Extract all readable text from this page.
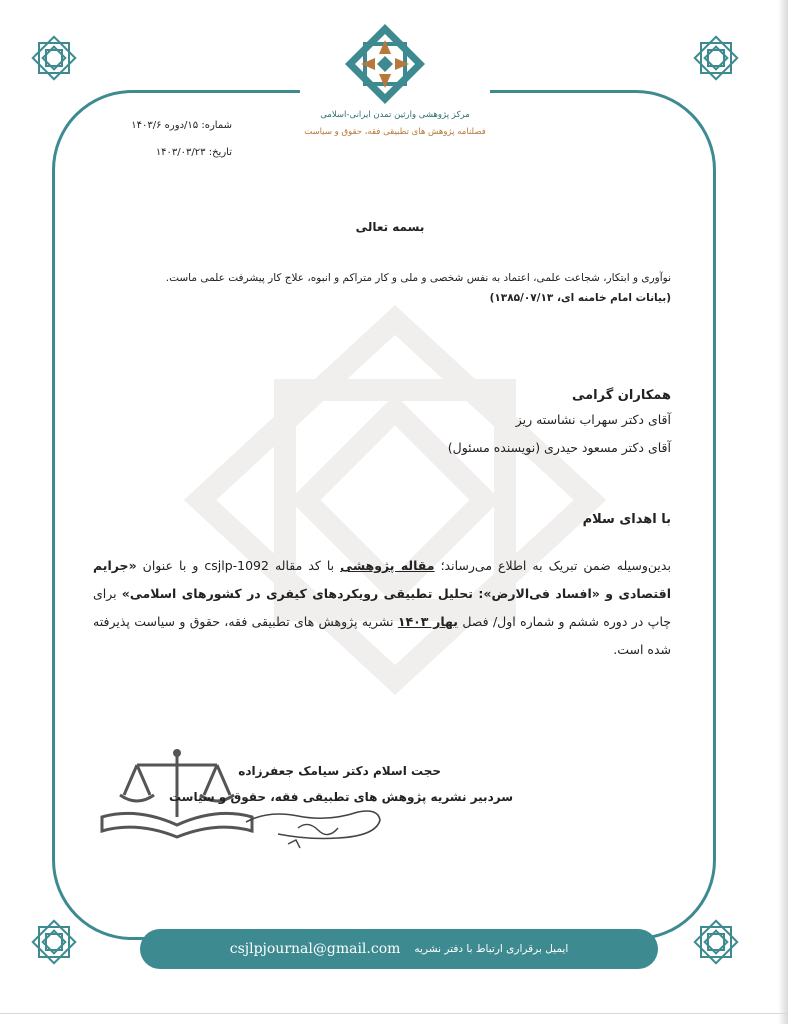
مرکز پژوهشی وارثین تمدن ایرانی-اسلامی
فصلنامه پژوهش های تطبیقی فقه، حقوق و سیاست
شماره: ۱۵/دوره ۱۴۰۳/۶
تاریخ: ۱۴۰۳/۰۳/۲۳
بسمه تعالی
نوآوری و ابتکار، شجاعت علمی، اعتماد به نفس شخصی و ملی و کار متراکم و انبوه، علاج کار پیشرفت علمی ماست.
(بیانات امام خامنه ای، ۱۳۸۵/۰۷/۱۳)
همکاران گرامی
آقای دکتر سهراب نشاسته ریز
آقای دکتر مسعود حیدری (نویسنده مسئول)
با اهدای سلام
بدین‌وسیله ضمن تبریک به اطلاع می‌رساند؛ مقاله پژوهشی با کد مقاله csjlp-1092 و با عنوان «جرایم اقتصادی و «افساد فی‌الارض»: تحلیل تطبیقی رویکردهای کیفری در کشورهای اسلامی» برای چاپ در دوره ششم و شماره اول/ فصل بهار ۱۴۰۳ نشریه پژوهش های تطبیقی فقه، حقوق و سیاست پذیرفته شده است.
حجت اسلام دکتر سیامک جعفرزاده
سردبیر نشریه پژوهش های تطبیقی فقه، حقوق و سیاست
ایمیل برقراری ارتباط با دفتر نشریه
csjlpjournal@gmail.com
